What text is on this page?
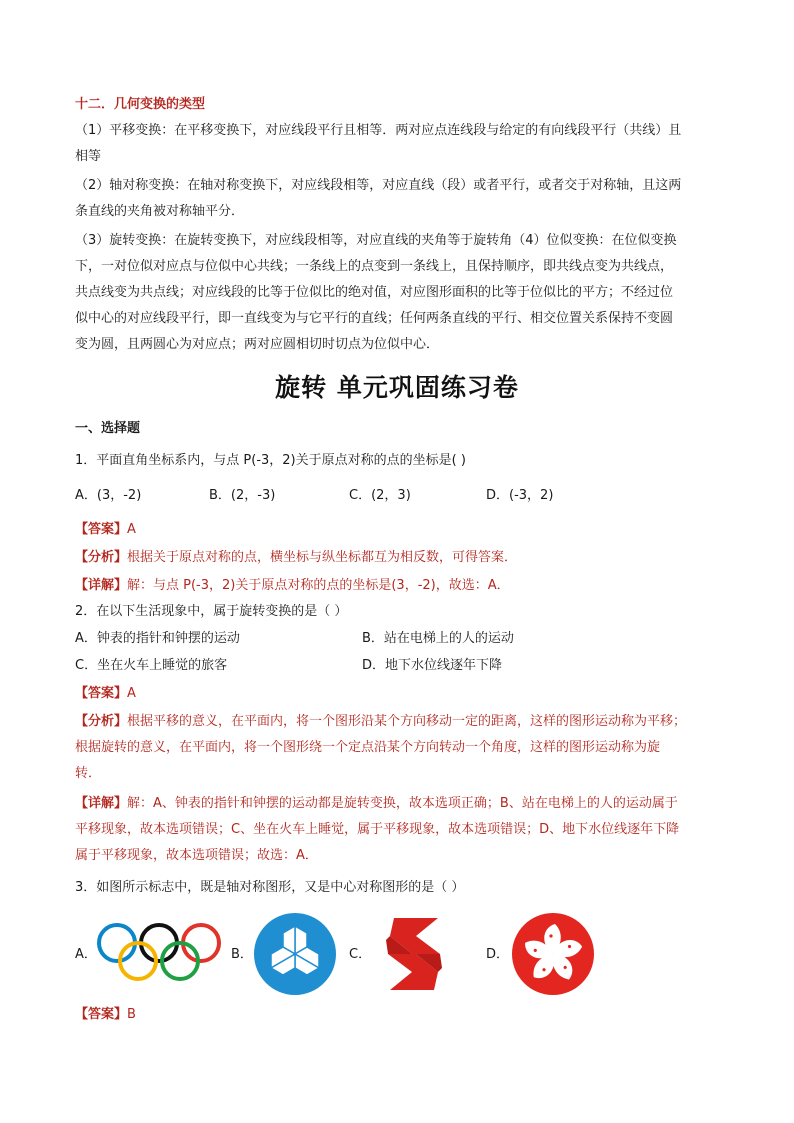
十二．几何变换的类型
（1）平移变换：在平移变换下，对应线段平行且相等．两对应点连线段与给定的有向线段平行（共线）且
相等
（2）轴对称变换：在轴对称变换下，对应线段相等，对应直线（段）或者平行，或者交于对称轴，且这两
条直线的夹角被对称轴平分．
（3）旋转变换：在旋转变换下，对应线段相等，对应直线的夹角等于旋转角（4）位似变换：在位似变换
下，一对位似对应点与位似中心共线；一条线上的点变到一条线上，且保持顺序，即共线点变为共线点，
共点线变为共点线；对应线段的比等于位似比的绝对值，对应图形面积的比等于位似比的平方；不经过位
似中心的对应线段平行，即一直线变为与它平行的直线；任何两条直线的平行、相交位置关系保持不变圆
变为圆，且两圆心为对应点；两对应圆相切时切点为位似中心．
旋转 单元巩固练习卷
一、选择题
1．平面直角坐标系内，与点 P(-3，2)关于原点对称的点的坐标是( )
A．(3，-2)	B．(2，-3)	C．(2，3)	D．(-3，2)
【答案】A
【分析】根据关于原点对称的点，横坐标与纵坐标都互为相反数，可得答案．
【详解】解：与点 P(-3，2)关于原点对称的点的坐标是(3，-2)，故选：A．
2．在以下生活现象中，属于旋转变换的是（ ）
A．钟表的指针和钟摆的运动	B．站在电梯上的人的运动
C．坐在火车上睡觉的旅客	D．地下水位线逐年下降
【答案】A
【分析】根据平移的意义，在平面内，将一个图形沿某个方向移动一定的距离，这样的图形运动称为平移；
根据旋转的意义，在平面内，将一个图形绕一个定点沿某个方向转动一个角度，这样的图形运动称为旋
转．
【详解】解：A、钟表的指针和钟摆的运动都是旋转变换，故本选项正确；B、站在电梯上的人的运动属于
平移现象，故本选项错误；C、坐在火车上睡觉，属于平移现象，故本选项错误；D、地下水位线逐年下降
属于平移现象，故本选项错误；故选：A．
3．如图所示标志中，既是轴对称图形，又是中心对称图形的是（ ）
A．	B．	C．	D．
【答案】B
